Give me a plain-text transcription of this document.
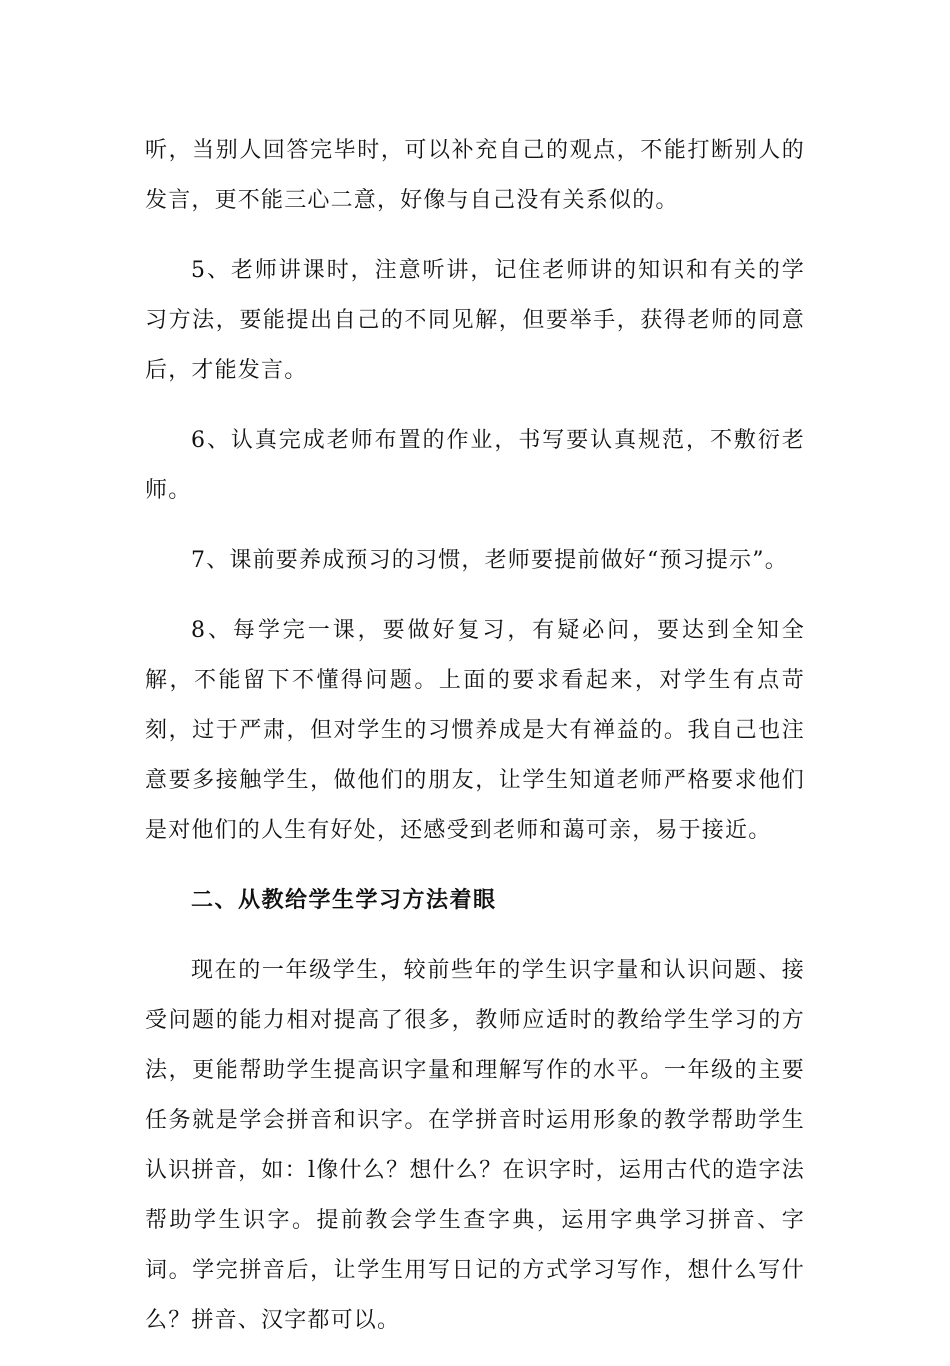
听，当别人回答完毕时，可以补充自己的观点，不能打断别人的发言，更不能三心二意，好像与自己没有关系似的。

5、老师讲课时，注意听讲，记住老师讲的知识和有关的学习方法，要能提出自己的不同见解，但要举手，获得老师的同意后，才能发言。

6、认真完成老师布置的作业，书写要认真规范，不敷衍老师。

7、课前要养成预习的习惯，老师要提前做好“预习提示”。

8、每学完一课，要做好复习，有疑必问，要达到全知全解，不能留下不懂得问题。上面的要求看起来，对学生有点苛刻，过于严肃，但对学生的习惯养成是大有禅益的。我自己也注意要多接触学生，做他们的朋友，让学生知道老师严格要求他们是对他们的人生有好处，还感受到老师和蔼可亲，易于接近。

二、从教给学生学习方法着眼

现在的一年级学生，较前些年的学生识字量和认识问题、接受问题的能力相对提高了很多，教师应适时的教给学生学习的方法，更能帮助学生提高识字量和理解写作的水平。一年级的主要任务就是学会拼音和识字。在学拼音时运用形象的教学帮助学生认识拼音，如：l像什么？想什么？在识字时，运用古代的造字法帮助学生识字。提前教会学生查字典，运用字典学习拼音、字词。学完拼音后，让学生用写日记的方式学习写作，想什么写什么？拼音、汉字都可以。
